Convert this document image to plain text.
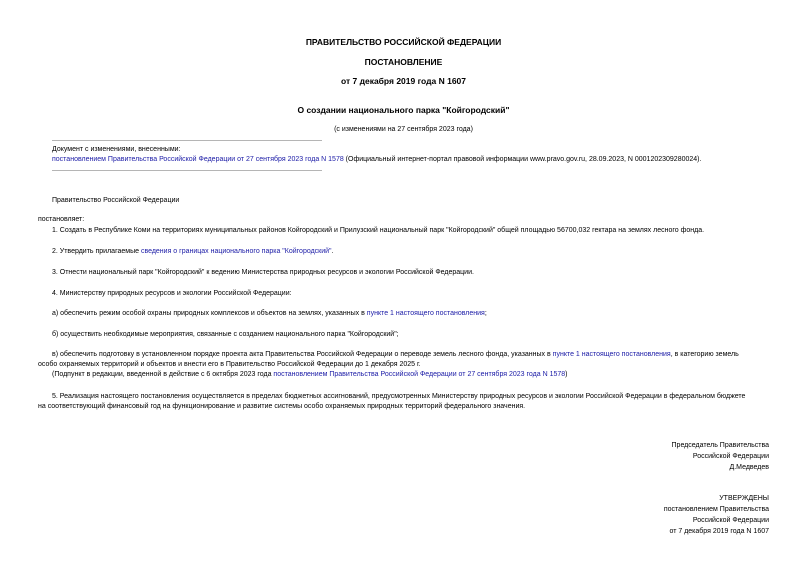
ПРАВИТЕЛЬСТВО РОССИЙСКОЙ ФЕДЕРАЦИИ
ПОСТАНОВЛЕНИЕ
от 7 декабря 2019 года N 1607
О создании национального парка "Койгородский"
(с изменениями на 27 сентября 2023 года)
Документ с изменениями, внесенными:
постановлением Правительства Российской Федерации от 27 сентября 2023 года N 1578 (Официальный интернет-портал правовой информации www.pravo.gov.ru, 28.09.2023, N 0001202309280024).
Правительство Российской Федерации
постановляет:
1. Создать в Республике Коми на территориях муниципальных районов Койгородский и Прилузский национальный парк "Койгородский" общей площадью 56700,032 гектара на землях лесного фонда.
2. Утвердить прилагаемые сведения о границах национального парка "Койгородский".
3. Отнести национальный парк "Койгородский" к ведению Министерства природных ресурсов и экологии Российской Федерации.
4. Министерству природных ресурсов и экологии Российской Федерации:
а) обеспечить режим особой охраны природных комплексов и объектов на землях, указанных в пункте 1 настоящего постановления;
б) осуществить необходимые мероприятия, связанные с созданием национального парка "Койгородский";
в) обеспечить подготовку в установленном порядке проекта акта Правительства Российской Федерации о переводе земель лесного фонда, указанных в пункте 1 настоящего постановления, в категорию земель
особо охраняемых территорий и объектов и внести его в Правительство Российской Федерации до 1 декабря 2025 г.
(Подпункт в редакции, введенной в действие с 6 октября 2023 года постановлением Правительства Российской Федерации от 27 сентября 2023 года N 1578)
5. Реализация настоящего постановления осуществляется в пределах бюджетных ассигнований, предусмотренных Министерству природных ресурсов и экологии Российской Федерации в федеральном бюджете
на соответствующий финансовый год на функционирование и развитие системы особо охраняемых природных территорий федерального значения.
Председатель Правительства
Российской Федерации
Д.Медведев
УТВЕРЖДЕНЫ
постановлением Правительства
Российской Федерации
от 7 декабря 2019 года N 1607
